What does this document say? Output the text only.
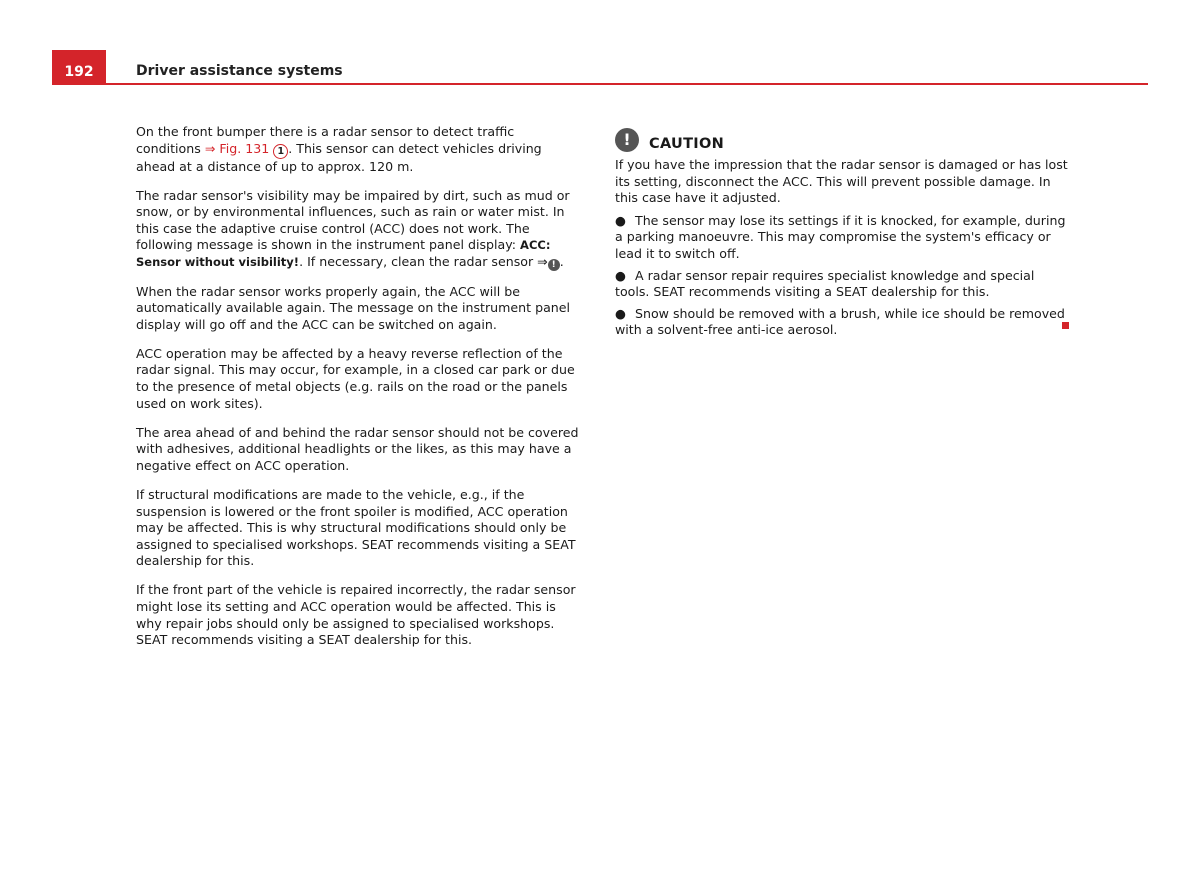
192	Driver assistance systems

On the front bumper there is a radar sensor to detect traffic conditions ⇒ Fig. 131 1 . This sensor can detect vehicles driving ahead at a distance of up to approx. 120 m.

The radar sensor's visibility may be impaired by dirt, such as mud or snow, or by environmental influences, such as rain or water mist. In this case the adaptive cruise control (ACC) does not work. The following message is shown in the instrument panel display: ACC: Sensor without visibility!. If necessary, clean the radar sensor ⇒ ! .

When the radar sensor works properly again, the ACC will be automatically available again. The message on the instrument panel display will go off and the ACC can be switched on again.

ACC operation may be affected by a heavy reverse reflection of the radar signal. This may occur, for example, in a closed car park or due to the presence of metal objects (e.g. rails on the road or the panels used on work sites).

The area ahead of and behind the radar sensor should not be covered with adhesives, additional headlights or the likes, as this may have a negative effect on ACC operation.

If structural modifications are made to the vehicle, e.g., if the suspension is lowered or the front spoiler is modified, ACC operation may be affected. This is why structural modifications should only be assigned to specialised workshops. SEAT recommends visiting a SEAT dealership for this.

If the front part of the vehicle is repaired incorrectly, the radar sensor might lose its setting and ACC operation would be affected. This is why repair jobs should only be assigned to specialised workshops. SEAT recommends visiting a SEAT dealership for this.

!	CAUTION

If you have the impression that the radar sensor is damaged or has lost its setting, disconnect the ACC. This will prevent possible damage. In this case have it adjusted.

● The sensor may lose its settings if it is knocked, for example, during a parking manoeuvre. This may compromise the system's efficacy or lead it to switch off.

● A radar sensor repair requires specialist knowledge and special tools. SEAT recommends visiting a SEAT dealership for this.

● Snow should be removed with a brush, while ice should be removed with a solvent-free anti-ice aerosol.
